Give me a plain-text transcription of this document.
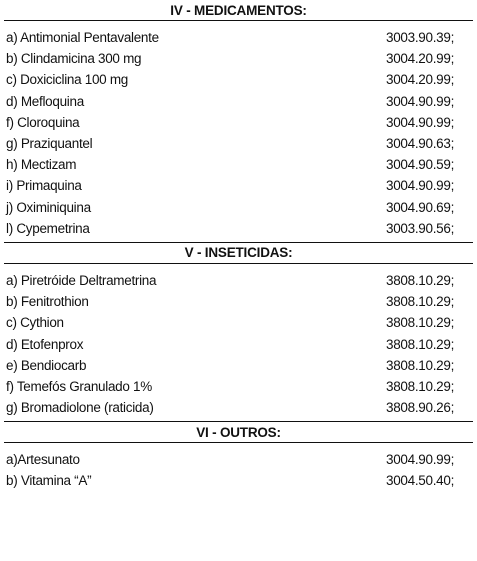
IV - MEDICAMENTOS:
a) Antimonial Pentavalente	3003.90.39;
b) Clindamicina 300 mg	3004.20.99;
c) Doxiciclina 100 mg	3004.20.99;
d) Mefloquina	3004.90.99;
f) Cloroquina	3004.90.99;
g) Praziquantel	3004.90.63;
h) Mectizam	3004.90.59;
i) Primaquina	3004.90.99;
j) Oximiniquina	3004.90.69;
l) Cypemetrina	3003.90.56;
V - INSETICIDAS:
a) Piretróide Deltrametrina	3808.10.29;
b) Fenitrothion	3808.10.29;
c) Cythion	3808.10.29;
d) Etofenprox	3808.10.29;
e) Bendiocarb	3808.10.29;
f) Temefós Granulado 1%	3808.10.29;
g) Bromadiolone (raticida)	3808.90.26;
VI - OUTROS:
a)Artesunato	3004.90.99;
b) Vitamina “A”	3004.50.40;
